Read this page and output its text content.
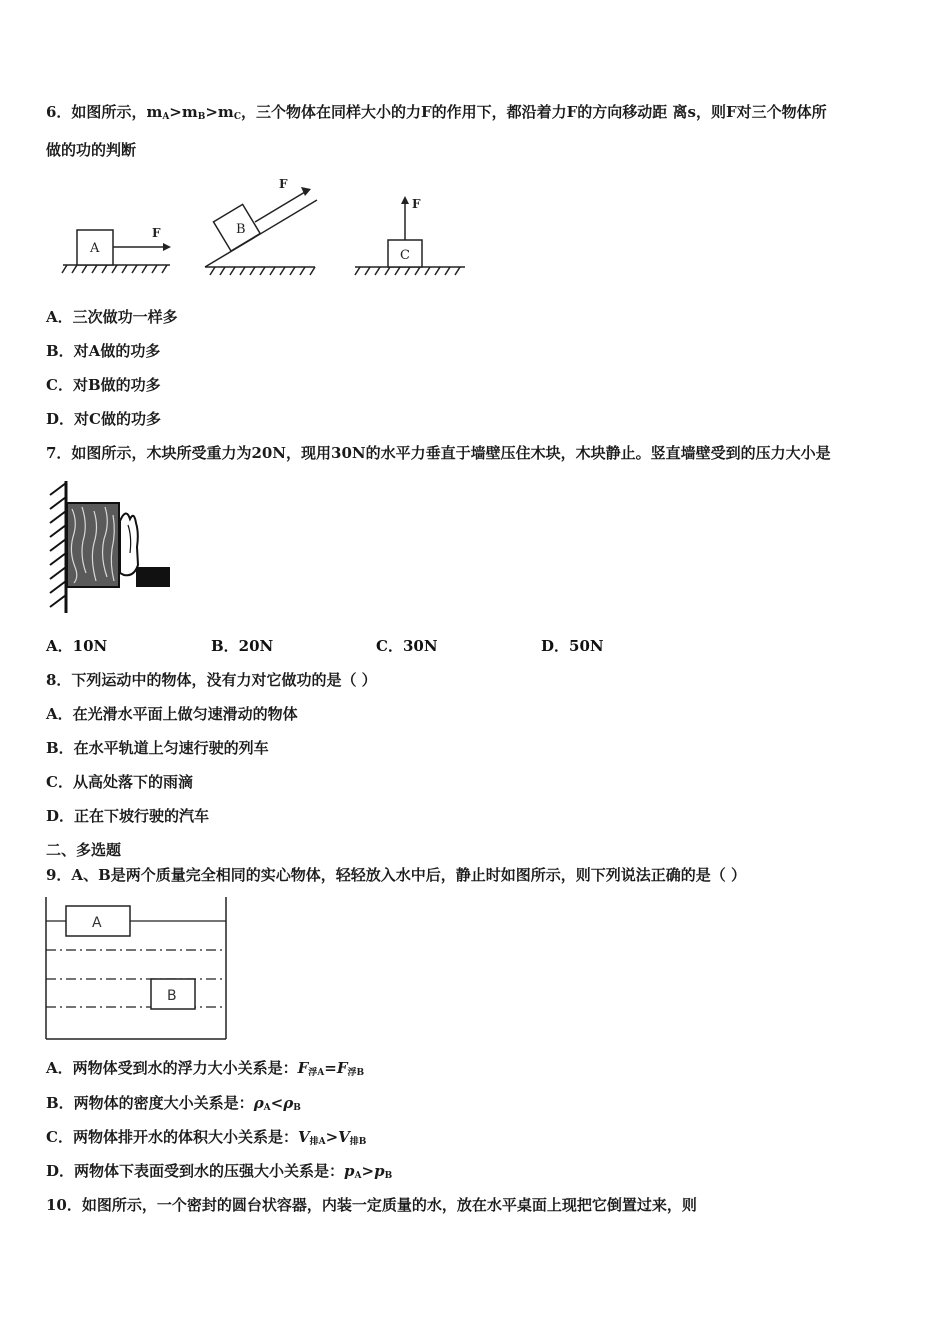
6．如图所示，$m_A>m_B>m_C$，三个物体在同样大小的力F的作用下，都沿着力F的方向移动距 离s，则F对三个物体所
做的功的判断
A
F	B
F
C
F
A．三次做功一样多
B．对A做的功多
C．对B做的功多
D．对C做的功多
7．如图所示，木块所受重力为20N，现用30N的水平力垂直于墙壁压住木块，木块静止。竖直墙壁受到的压力大小是
A．10N	B．20N	C．30N	D．50N
8．下列运动中的物体，没有力对它做功的是（ ）
A．在光滑水平面上做匀速滑动的物体
B．在水平轨道上匀速行驶的列车
C．从高处落下的雨滴
D．正在下坡行驶的汽车
二、多选题
9．A、B是两个质量完全相同的实心物体，轻轻放入水中后，静止时如图所示，则下列说法正确的是（ ）
A
B
A．两物体受到水的浮力大小关系是：$F_{浮A}=F_{浮B}$
B．两物体的密度大小关系是：$\rho_A<\rho_B$
C．两物体排开水的体积大小关系是：$V_{排A}>V_{排B}$
D．两物体下表面受到水的压强大小关系是：$p_A>p_B$
10．如图所示，一个密封的圆台状容器，内装一定质量的水，放在水平桌面上现把它倒置过来，则
